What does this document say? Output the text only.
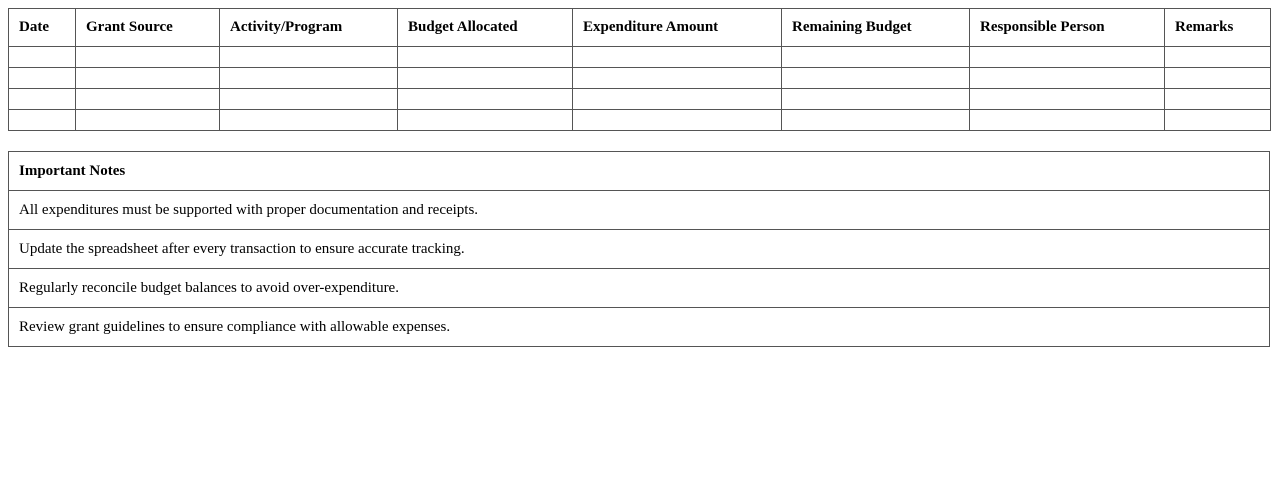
Date	Grant Source	Activity/Program	Budget Allocated	Expenditure Amount	Remaining Budget	Responsible Person	Remarks

Important Notes
All expenditures must be supported with proper documentation and receipts.
Update the spreadsheet after every transaction to ensure accurate tracking.
Regularly reconcile budget balances to avoid over-expenditure.
Review grant guidelines to ensure compliance with allowable expenses.
